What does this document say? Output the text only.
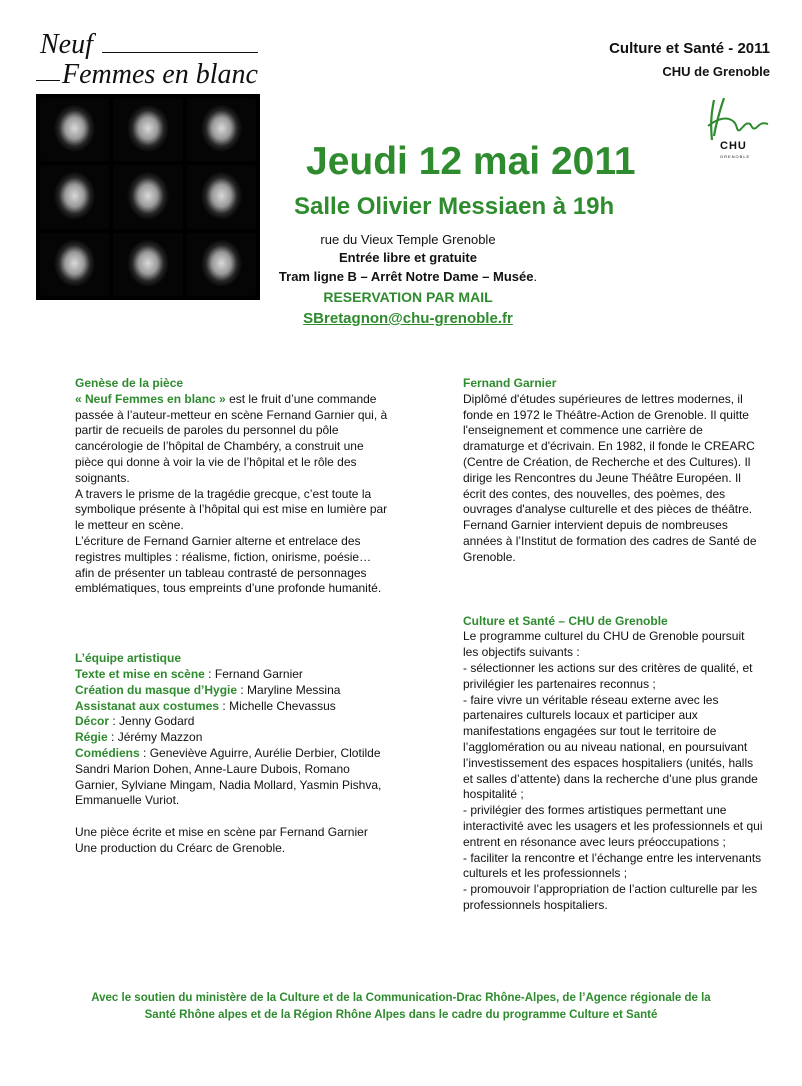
Neuf
Femmes en blanc
Culture et Santé - 2011
CHU de Grenoble
CHU
GRENOBLE
Jeudi 12 mai 2011
Salle Olivier Messiaen à 19h
rue du Vieux Temple Grenoble
Entrée libre et gratuite
Tram ligne B – Arrêt Notre Dame – Musée.
RESERVATION PAR MAIL
SBretagnon@chu-grenoble.fr
Genèse de la pièce

« Neuf Femmes en blanc » est le fruit d’une commande passée à l’auteur-metteur en scène Fernand Garnier qui, à partir de recueils de paroles du personnel du pôle cancérologie de l’hôpital de Chambéry, a construit une pièce qui donne à voir la vie de l’hôpital et le rôle des soignants.

A travers le prisme de la tragédie grecque, c’est toute la symbolique présente à l’hôpital qui est mise en lumière par le metteur en scène.

L’écriture de Fernand Garnier alterne et entrelace des registres multiples : réalisme, fiction, onirisme, poésie… afin de présenter un tableau contrasté de personnages emblématiques, tous empreints d’une profonde humanité.

L’équipe artistique
Texte et mise en scène : Fernand Garnier
Création du masque d’Hygie : Maryline Messina
Assistanat aux costumes : Michelle Chevassus
Décor : Jenny Godard
Régie : Jérémy Mazzon
Comédiens : Geneviève Aguirre, Aurélie Derbier, Clotilde Sandri Marion Dohen, Anne-Laure Dubois, Romano Garnier, Sylviane Mingam, Nadia Mollard, Yasmin Pishva, Emmanuelle Vuriot.
Une pièce écrite et mise en scène par Fernand Garnier
Une production du Créarc de Grenoble.
Fernand Garnier

Diplômé d'études supérieures de lettres modernes, il fonde en 1972 le Théâtre-Action de Grenoble. Il quitte l'enseignement et commence une carrière de dramaturge et d'écrivain. En 1982, il fonde le CREARC (Centre de Création, de Recherche et des Cultures). Il dirige les Rencontres du Jeune Théâtre Européen. Il écrit des contes, des nouvelles, des poèmes, des ouvrages d'analyse culturelle et des pièces de théâtre. Fernand Garnier intervient depuis de nombreuses années à l’Institut de formation des cadres de Santé de Grenoble.

Culture et Santé – CHU de Grenoble
Le programme culturel du CHU de Grenoble poursuit les objectifs suivants :
- sélectionner les actions sur des critères de qualité, et privilégier les partenaires reconnus ;
- faire vivre un véritable réseau externe avec les partenaires culturels locaux et participer aux manifestations engagées sur tout le territoire de l’agglomération ou au niveau national, en poursuivant l’investissement des espaces hospitaliers (unités, halls et salles d’attente) dans la recherche d’une plus grande hospitalité ;
- privilégier des formes artistiques permettant une interactivité avec les usagers et les professionnels et qui entrent en résonance avec leurs préoccupations ;
- faciliter la rencontre et l’échange entre les intervenants culturels et les professionnels ;
- promouvoir l’appropriation de l’action culturelle par les professionnels hospitaliers.
Avec le soutien du ministère de la Culture et de la Communication-Drac Rhône-Alpes, de l’Agence régionale de la
Santé Rhône alpes et de la Région Rhône Alpes dans le cadre du programme Culture et Santé
